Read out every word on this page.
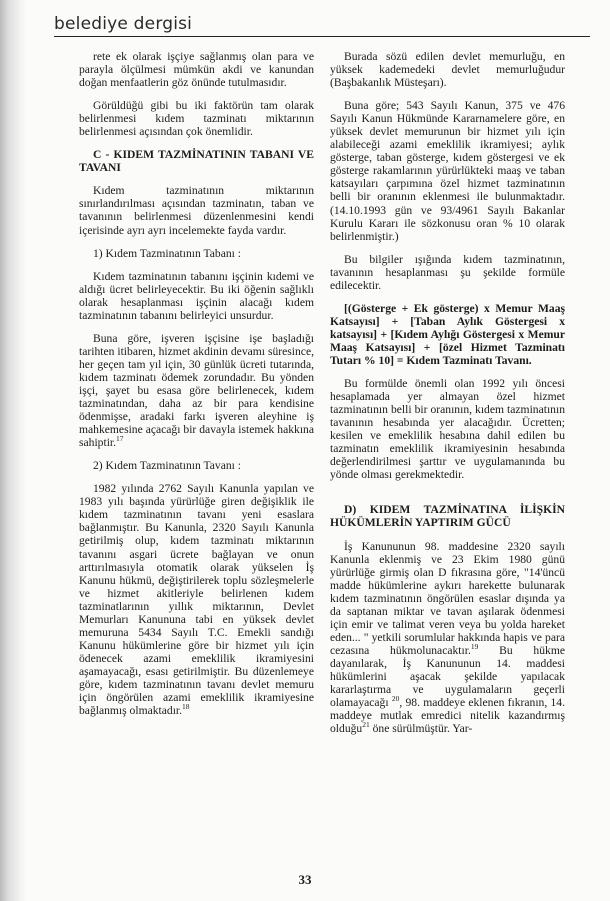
belediye dergisi

rete ek olarak işçiye sağlanmış olan para ve parayla ölçülmesi mümkün akdi ve kanundan doğan menfaatlerin göz önünde tutulmasıdır.

Görüldüğü gibi bu iki faktörün tam olarak belirlenmesi kıdem tazminatı miktarının belirlenmesi açısından çok önemlidir.

C - KIDEM TAZMİNATININ TABANI VE TAVANI

Kıdem tazminatının miktarının sınırlandırılması açısından tazminatın, taban ve tavanının belirlenmesi düzenlenmesini kendi içerisinde ayrı ayrı incelemekte fayda vardır.

1) Kıdem Tazminatının Tabanı :

Kıdem tazminatının tabanını işçinin kıdemi ve aldığı ücret belirleyecektir. Bu iki öğenin sağlıklı olarak hesaplanması işçinin alacağı kıdem tazminatının tabanını belirleyici unsurdur.

Buna göre, işveren işçisine işe başladığı tarihten itibaren, hizmet akdinin devamı süresince, her geçen tam yıl için, 30 günlük ücreti tutarında, kıdem tazminatı ödemek zorundadır. Bu yönden işçi, şayet bu esasa göre belirlenecek, kıdem tazminatından, daha az bir para kendisine ödenmişse, aradaki farkı işveren aleyhine iş mahkemesine açacağı bir davayla istemek hakkına sahiptir.$^{17}$

2) Kıdem Tazminatının Tavanı :

1982 yılında 2762 Sayılı Kanunla yapılan ve 1983 yılı başında yürürlüğe giren değişiklik ile kıdem tazminatının tavanı yeni esaslara bağlanmıştır. Bu Kanunla, 2320 Sayılı Kanunla getirilmiş olup, kıdem tazminatı miktarının tavanını asgari ücrete bağlayan ve onun arttırılmasıyla otomatik olarak yükselen İş Kanunu hükmü, değiştirilerek toplu sözleşmelerle ve hizmet akitleriyle belirlenen kıdem tazminatlarının yıllık miktarının, Devlet Memurları Kanununa tabi en yüksek devlet memuruna 5434 Sayılı T.C. Emekli sandığı Kanunu hükümlerine göre bir hizmet yılı için ödenecek azami emeklilik ikramiyesini aşamayacağı, esası getirilmiştir. Bu düzenlemeye göre, kıdem tazminatının tavanı devlet memuru için öngörülen azami emeklilik ikramiyesine bağlanmış olmaktadır.$^{18}$

Burada sözü edilen devlet memurluğu, en yüksek kademedeki devlet memurluğudur (Başbakanlık Müsteşarı).

Buna göre; 543 Sayılı Kanun, 375 ve 476 Sayılı Kanun Hükmünde Kararnamelere göre, en yüksek devlet memurunun bir hizmet yılı için alabileceği azami emeklilik ikramiyesi; aylık gösterge, taban gösterge, kıdem göstergesi ve ek gösterge rakamlarının yürürlükteki maaş ve taban katsayıları çarpımına özel hizmet tazminatının belli bir oranının eklenmesi ile bulunmaktadır. (14.10.1993 gün ve 93/4961 Sayılı Bakanlar Kurulu Kararı ile sözkonusu oran % 10 olarak belirlenmiştir.)

Bu bilgiler ışığında kıdem tazminatının, tavanının hesaplanması şu şekilde formüle edilecektir.

[(Gösterge + Ek gösterge) x Memur Maaş Katsayısı] + [Taban Aylık Göstergesi x katsayısı] + [Kıdem Aylığı Göstergesi x Memur Maaş Katsayısı] + [özel Hizmet Tazminatı Tutarı % 10] = Kıdem Tazminatı Tavanı.

Bu formülde önemli olan 1992 yılı öncesi hesaplamada yer almayan özel hizmet tazminatının belli bir oranının, kıdem tazminatının tavanının hesabında yer alacağıdır. Ücretten; kesilen ve emeklilik hesabına dahil edilen bu tazminatın emeklilik ikramiyesinin hesabında değerlendirilmesi şarttır ve uygulamanında bu yönde olması gerekmektedir.

D) KIDEM TAZMİNATINA İLİŞKİN HÜKÜMLERİN YAPTIRIM GÜCÜ

İş Kanununun 98. maddesine 2320 sayılı Kanunla eklenmiş ve 23 Ekim 1980 günü yürürlüğe girmiş olan D fıkrasına göre, "14'üncü madde hükümlerine aykırı harekette bulunarak kıdem tazminatının öngörülen esaslar dışında ya da saptanan miktar ve tavan aşılarak ödenmesi için emir ve talimat veren veya bu yolda hareket eden... " yetkili sorumlular hakkında hapis ve para cezasına hükmolunacaktır.$^{19}$ Bu hükme dayanılarak, İş Kanununun 14. maddesi hükümlerini aşacak şekilde yapılacak kararlaştırma ve uygulamaların geçerli olamayacağı $^{20}$, 98. maddeye eklenen fıkranın, 14. maddeye mutlak emredici nitelik kazandırmış olduğu$^{21}$ öne sürülmüştür. Yar-

33
